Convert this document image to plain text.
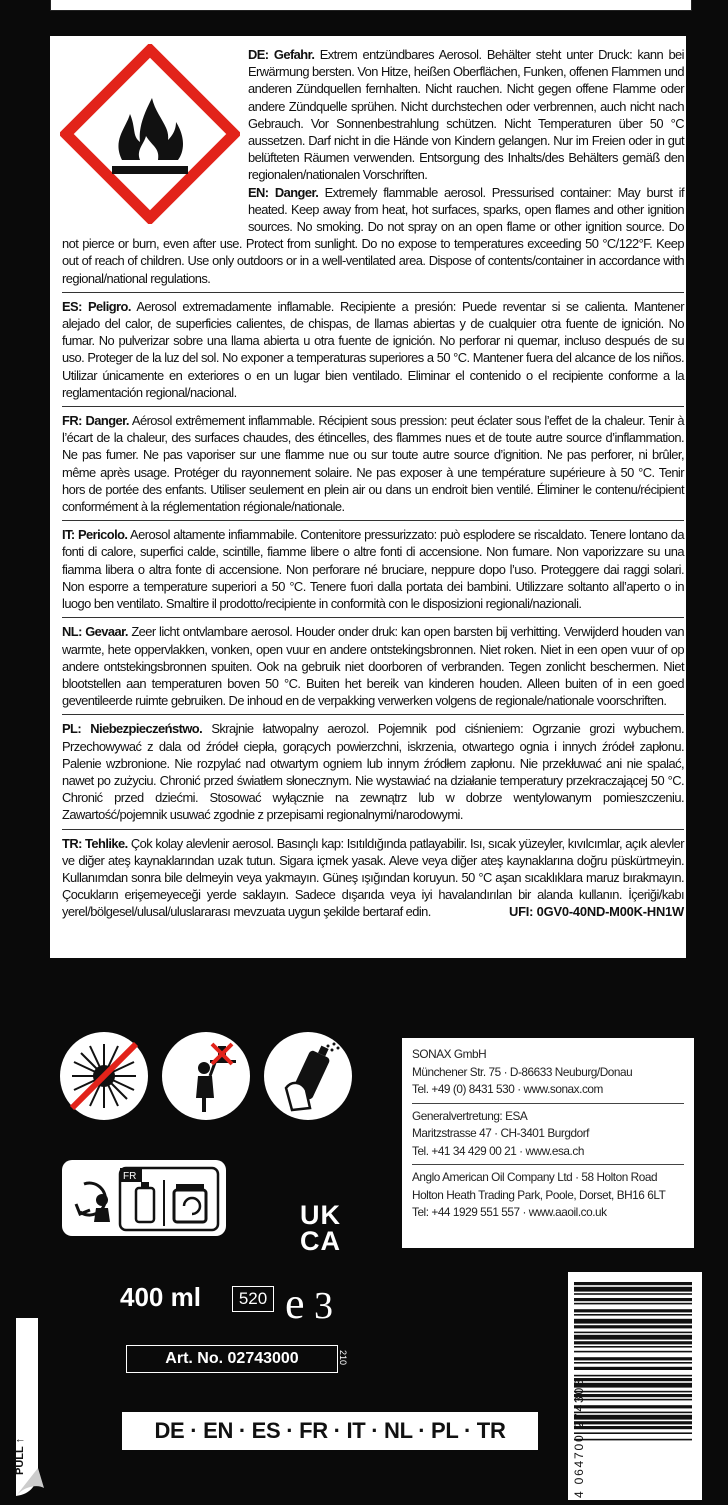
DE: Gefahr. Extrem entzündbares Aerosol. Behälter steht unter Druck: kann bei Erwärmung bersten. Von Hitze, heißen Oberflächen, Funken, offenen Flammen und anderen Zündquellen fernhalten. Nicht rauchen. Nicht gegen offene Flamme oder andere Zündquelle sprühen. Nicht durchstechen oder verbrennen, auch nicht nach Gebrauch. Vor Sonnenbestrahlung schützen. Nicht Temperaturen über 50 °C aussetzen. Darf nicht in die Hände von Kindern gelangen. Nur im Freien oder in gut belüfteten Räumen verwenden. Entsorgung des Inhalts/des Behälters gemäß den regionalen/nationalen Vorschriften.

EN: Danger. Extremely flammable aerosol. Pressurised container: May burst if heated. Keep away from heat, hot surfaces, sparks, open flames and other ignition sources. No smoking. Do not spray on an open flame or other ignition source. Do not pierce or burn, even after use. Protect from sunlight. Do no expose to temperatures exceeding 50 °C/122°F. Keep out of reach of children. Use only outdoors or in a well-ventilated area. Dispose of contents/container in accordance with regional/national regulations.

ES: Peligro. Aerosol extremadamente inflamable. Recipiente a presión: Puede reventar si se calienta. Mantener alejado del calor, de superficies calientes, de chispas, de llamas abiertas y de cualquier otra fuente de ignición. No fumar. No pulverizar sobre una llama abierta u otra fuente de ignición. No perforar ni quemar, incluso después de su uso. Proteger de la luz del sol. No exponer a temperaturas superiores a 50 °C. Mantener fuera del alcance de los niños. Utilizar únicamente en exteriores o en un lugar bien ventilado. Eliminar el contenido o el recipiente conforme a la reglamentación regional/nacional.

FR: Danger. Aérosol extrêmement inflammable. Récipient sous pression: peut éclater sous l’effet de la chaleur. Tenir à l’écart de la chaleur, des surfaces chaudes, des étincelles, des flammes nues et de toute autre source d’inflammation. Ne pas fumer. Ne pas vaporiser sur une flamme nue ou sur toute autre source d’ignition. Ne pas perforer, ni brûler, même après usage. Protéger du rayonnement solaire. Ne pas exposer à une température supérieure à 50 °C. Tenir hors de portée des enfants. Utiliser seulement en plein air ou dans un endroit bien ventilé. Éliminer le contenu/récipient conformément à la réglementation régionale/nationale.

IT: Pericolo. Aerosol altamente infiammabile. Contenitore pressurizzato: può esplodere se riscaldato. Tenere lontano da fonti di calore, superfici calde, scintille, fiamme libere o altre fonti di accensione. Non fumare. Non vaporizzare su una fiamma libera o altra fonte di accensione. Non perforare né bruciare, neppure dopo l’uso. Proteggere dai raggi solari. Non esporre a temperature superiori a 50 °C. Tenere fuori dalla portata dei bambini. Utilizzare soltanto all’aperto o in luogo ben ventilato. Smaltire il prodotto/recipiente in conformità con le disposizioni regionali/nazionali.

NL: Gevaar. Zeer licht ontvlambare aerosol. Houder onder druk: kan open barsten bij verhitting. Verwijderd houden van warmte, hete oppervlakken, vonken, open vuur en andere ontstekingsbronnen. Niet roken. Niet in een open vuur of op andere ontstekingsbronnen spuiten. Ook na gebruik niet doorboren of verbranden. Tegen zonlicht beschermen. Niet blootstellen aan temperaturen boven 50 °C. Buiten het bereik van kinderen houden. Alleen buiten of in een goed geventileerde ruimte gebruiken. De inhoud en de verpakking verwerken volgens de regionale/nationale voorschriften.

PL: Niebezpieczeństwo. Skrajnie łatwopalny aerozol. Pojemnik pod ciśnieniem: Ogrzanie grozi wybuchem. Przechowywać z dala od źródeł ciepła, gorących powierzchni, iskrzenia, otwartego ognia i innych źródeł zapłonu. Palenie wzbronione. Nie rozpylać nad otwartym ogniem lub innym źródłem zapłonu. Nie przekłuwać ani nie spalać, nawet po zużyciu. Chronić przed światłem słonecznym. Nie wystawiać na działanie temperatury przekraczającej 50 °C. Chronić przed dziećmi. Stosować wyłącznie na zewnątrz lub w dobrze wentylowanym pomieszczeniu. Zawartość/pojemnik usuwać zgodnie z przepisami regionalnymi/narodowymi.

TR: Tehlike. Çok kolay alevlenir aerosol. Basınçlı kap: Isıtıldığında patlayabilir. Isı, sıcak yüzeyler, kıvılcımlar, açık alevler ve diğer ateş kaynaklarından uzak tutun. Sigara içmek yasak. Aleve veya diğer ateş kaynaklarına doğru püskürtmeyin. Kullanımdan sonra bile delmeyin veya yakmayın. Güneş ışığından koruyun. 50 °C aşan sıcaklıklara maruz bırakmayın. Çocukların erişemeyeceği yerde saklayın. Sadece dışarıda veya iyi havalandırılan bir alanda kullanın. İçeriği/kabı yerel/bölgesel/ulusal/uluslararası mevzuata uygun şekilde bertaraf edin.	UFI: 0GV0-40ND-M00K-HN1W

FR
UK
CA
SONAX GmbH
Münchener Str. 75 · D-86633 Neuburg/Donau
Tel. +49 (0) 8431 530 · www.sonax.com
Generalvertretung: ESA
Maritzstrasse 47 · CH-3401 Burgdorf
Tel. +41 34 429 00 21 · www.esa.ch
Anglo American Oil Company Ltd · 58 Holton Road
Holton Heath Trading Park, Poole, Dorset, BH16 6LT
Tel: +44 1929 551 557 · www.aaoil.co.uk
400 ml	520 e 3
Art. No. 02743000	210
DE · EN · ES · FR · IT · NL · PL · TR	4 064700 274303
PULL ↑
